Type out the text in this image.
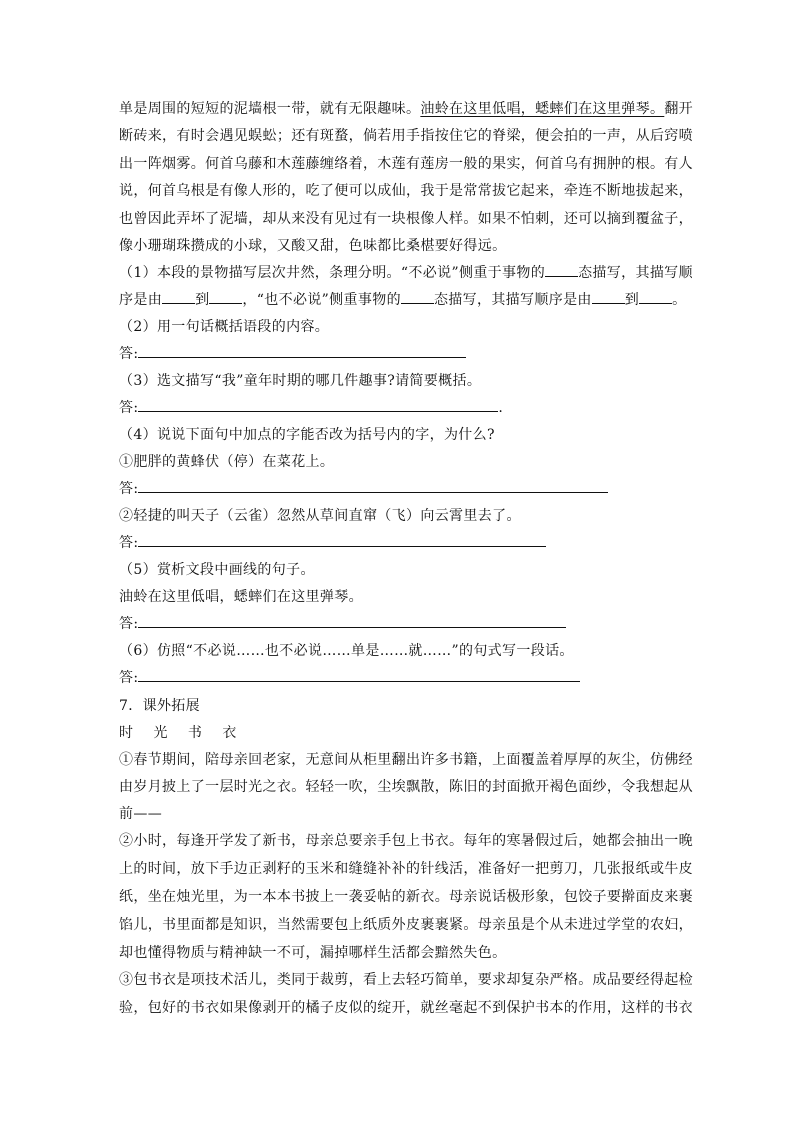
单是周围的短短的泥墙根一带，就有无限趣味。油蛉在这里低唱，蟋蟀们在这里弹琴。翻开
断砖来，有时会遇见蜈蚣；还有斑蝥，倘若用手指按住它的脊梁，便会拍的一声，从后窍喷
出一阵烟雾。何首乌藤和木莲藤缠络着，木莲有莲房一般的果实，何首乌有拥肿的根。有人
说，何首乌根是有像人形的，吃了便可以成仙，我于是常常拔它起来，牵连不断地拔起来，
也曾因此弄坏了泥墙，却从来没有见过有一块根像人样。如果不怕刺，还可以摘到覆盆子，
像小珊瑚珠攒成的小球，又酸又甜，色味都比桑椹要好得远。
（1）本段的景物描写层次井然，条理分明。“不必说”侧重于事物的 态描写，其描写顺
序是由 到 ，“也不必说”侧重事物的 态描写，其描写顺序是由 到 。
（2）用一句话概括语段的内容。
答:
（3）选文描写“我”童年时期的哪几件趣事?请简要概括。
答:	.
（4）说说下面句中加点的字能否改为括号内的字，为什么?
①肥胖的黄蜂伏（停）在菜花上。
答:
②轻捷的叫天子（云雀）忽然从草间直窜（飞）向云霄里去了。
答:
（5）赏析文段中画线的句子。
油蛉在这里低唱，蟋蟀们在这里弹琴。
答:
（6）仿照“不必说……也不必说……单是……就……”的句式写一段话。
答:
7．课外拓展
时 光 书 衣
①春节期间，陪母亲回老家，无意间从柜里翻出许多书籍，上面覆盖着厚厚的灰尘，仿佛经
由岁月披上了一层时光之衣。轻轻一吹，尘埃飘散，陈旧的封面掀开褐色面纱，令我想起从
前——
②小时，每逢开学发了新书，母亲总要亲手包上书衣。每年的寒暑假过后，她都会抽出一晚
上的时间，放下手边正剥籽的玉米和缝缝补补的针线活，准备好一把剪刀，几张报纸或牛皮
纸，坐在烛光里，为一本本书披上一袭妥帖的新衣。母亲说话极形象，包饺子要擀面皮来裹
馅儿，书里面都是知识，当然需要包上纸质外皮裹裹紧。母亲虽是个从未进过学堂的农妇，
却也懂得物质与精神缺一不可，漏掉哪样生活都会黯然失色。
③包书衣是项技术活儿，类同于裁剪，看上去轻巧简单，要求却复杂严格。成品要经得起检
验，包好的书衣如果像剥开的橘子皮似的绽开，就丝毫起不到保护书本的作用，这样的书衣
